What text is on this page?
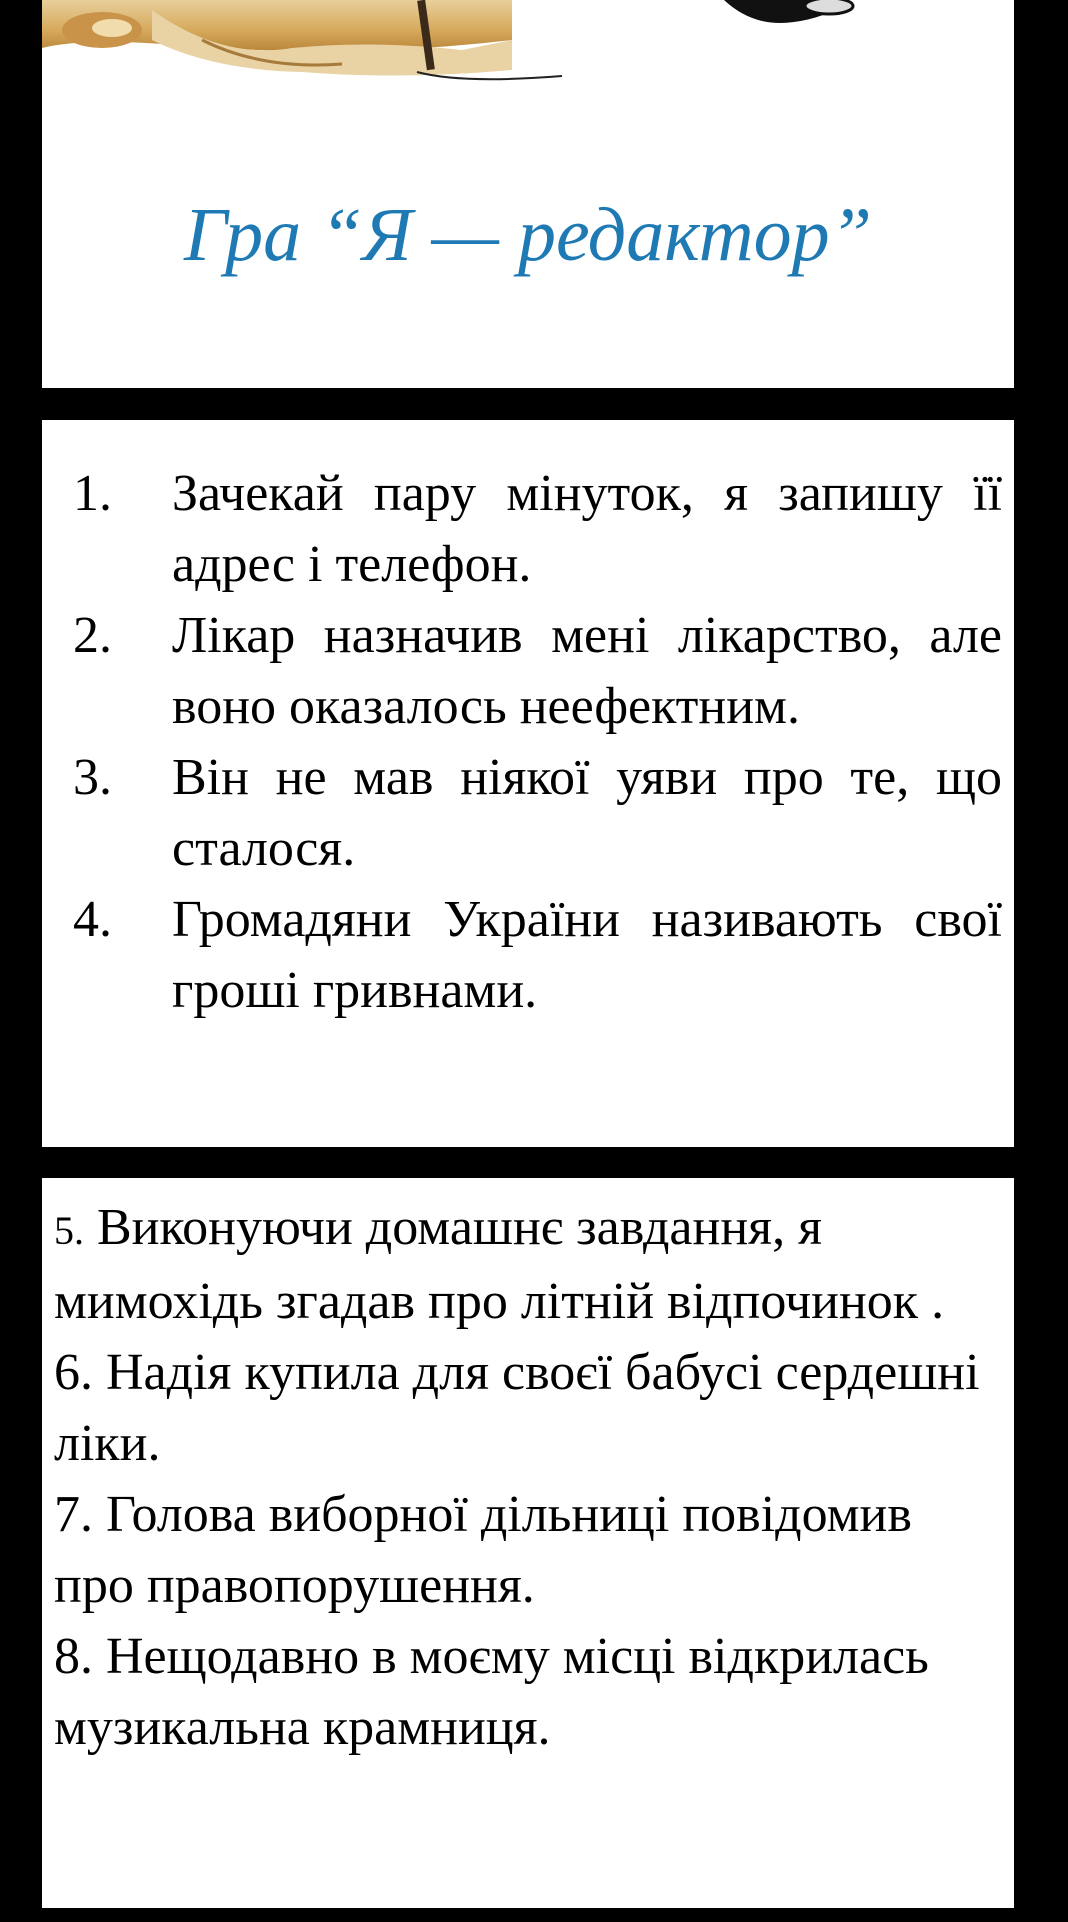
Гра “Я — редактор”
1. Зачекай пару мінуток, я запишу її адрес і телефон.
2. Лікар назначив мені лікарство, але воно оказалось неефектним.
3. Він не мав ніякої уяви про те, що сталося.
4. Громадяни України називають свої гроші гривнами.
5. Виконуючи домашнє завдання, я мимохідь згадав про літній відпочинок .
6. Надія купила для своєї бабусі сердешні ліки.
7. Голова виборної дільниці повідомив про правопорушення.
8. Нещодавно в моєму місці відкрилась музикальна крамниця.
